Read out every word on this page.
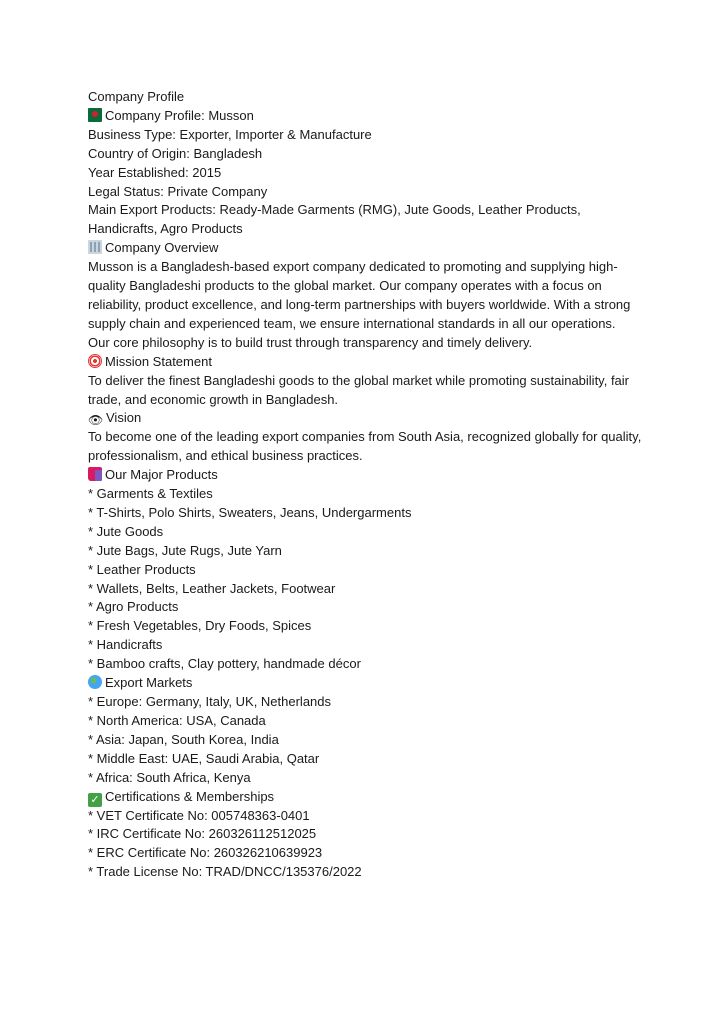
Company Profile
Company Profile: Musson
Business Type: Exporter, Importer & Manufacture
Country of Origin: Bangladesh
Year Established: 2015
Legal Status: Private Company
Main Export Products: Ready-Made Garments (RMG), Jute Goods, Leather Products, Handicrafts, Agro Products
Company Overview
Musson is a Bangladesh-based export company dedicated to promoting and supplying high-quality Bangladeshi products to the global market. Our company operates with a focus on reliability, product excellence, and long-term partnerships with buyers worldwide. With a strong supply chain and experienced team, we ensure international standards in all our operations.
Our core philosophy is to build trust through transparency and timely delivery.
Mission Statement
To deliver the finest Bangladeshi goods to the global market while promoting sustainability, fair trade, and economic growth in Bangladesh.
👁 Vision
To become one of the leading export companies from South Asia, recognized globally for quality, professionalism, and ethical business practices.
Our Major Products
* Garments & Textiles
* T-Shirts, Polo Shirts, Sweaters, Jeans, Undergarments
* Jute Goods
* Jute Bags, Jute Rugs, Jute Yarn
* Leather Products
* Wallets, Belts, Leather Jackets, Footwear
* Agro Products
* Fresh Vegetables, Dry Foods, Spices
* Handicrafts
* Bamboo crafts, Clay pottery, handmade décor
Export Markets
* Europe: Germany, Italy, UK, Netherlands
* North America: USA, Canada
* Asia: Japan, South Korea, India
* Middle East: UAE, Saudi Arabia, Qatar
* Africa: South Africa, Kenya
✓ Certifications & Memberships
* VET Certificate No: 005748363-0401
* IRC Certificate No: 260326112512025
* ERC Certificate No: 260326210639923
* Trade License No: TRAD/DNCC/135376/2022
